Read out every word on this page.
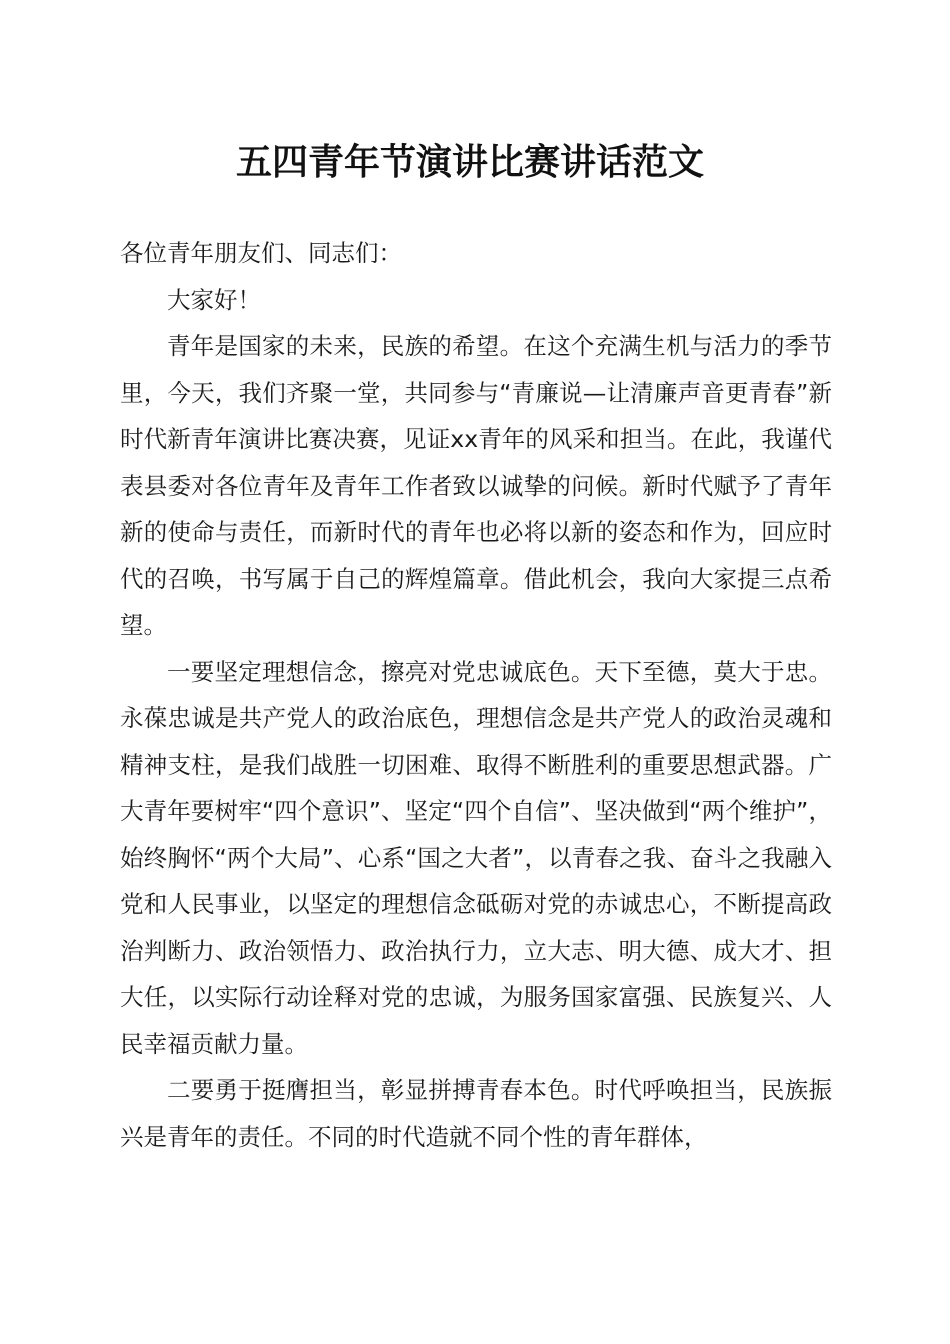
五四青年节演讲比赛讲话范文

各位青年朋友们、同志们：

大家好！

青年是国家的未来，民族的希望。在这个充满生机与活力的季节里，今天，我们齐聚一堂，共同参与“青廉说—让清廉声音更青春”新时代新青年演讲比赛决赛，见证xx青年的风采和担当。在此，我谨代表县委对各位青年及青年工作者致以诚挚的问候。新时代赋予了青年新的使命与责任，而新时代的青年也必将以新的姿态和作为，回应时代的召唤，书写属于自己的辉煌篇章。借此机会，我向大家提三点希望。

一要坚定理想信念，擦亮对党忠诚底色。天下至德，莫大于忠。永葆忠诚是共产党人的政治底色，理想信念是共产党人的政治灵魂和精神支柱，是我们战胜一切困难、取得不断胜利的重要思想武器。广大青年要树牢“四个意识”、坚定“四个自信”、坚决做到“两个维护”，始终胸怀“两个大局”、心系“国之大者”，以青春之我、奋斗之我融入党和人民事业，以坚定的理想信念砥砺对党的赤诚忠心，不断提高政治判断力、政治领悟力、政治执行力，立大志、明大德、成大才、担大任，以实际行动诠释对党的忠诚，为服务国家富强、民族复兴、人民幸福贡献力量。

二要勇于挺膺担当，彰显拼搏青春本色。时代呼唤担当，民族振兴是青年的责任。不同的时代造就不同个性的青年群体，
